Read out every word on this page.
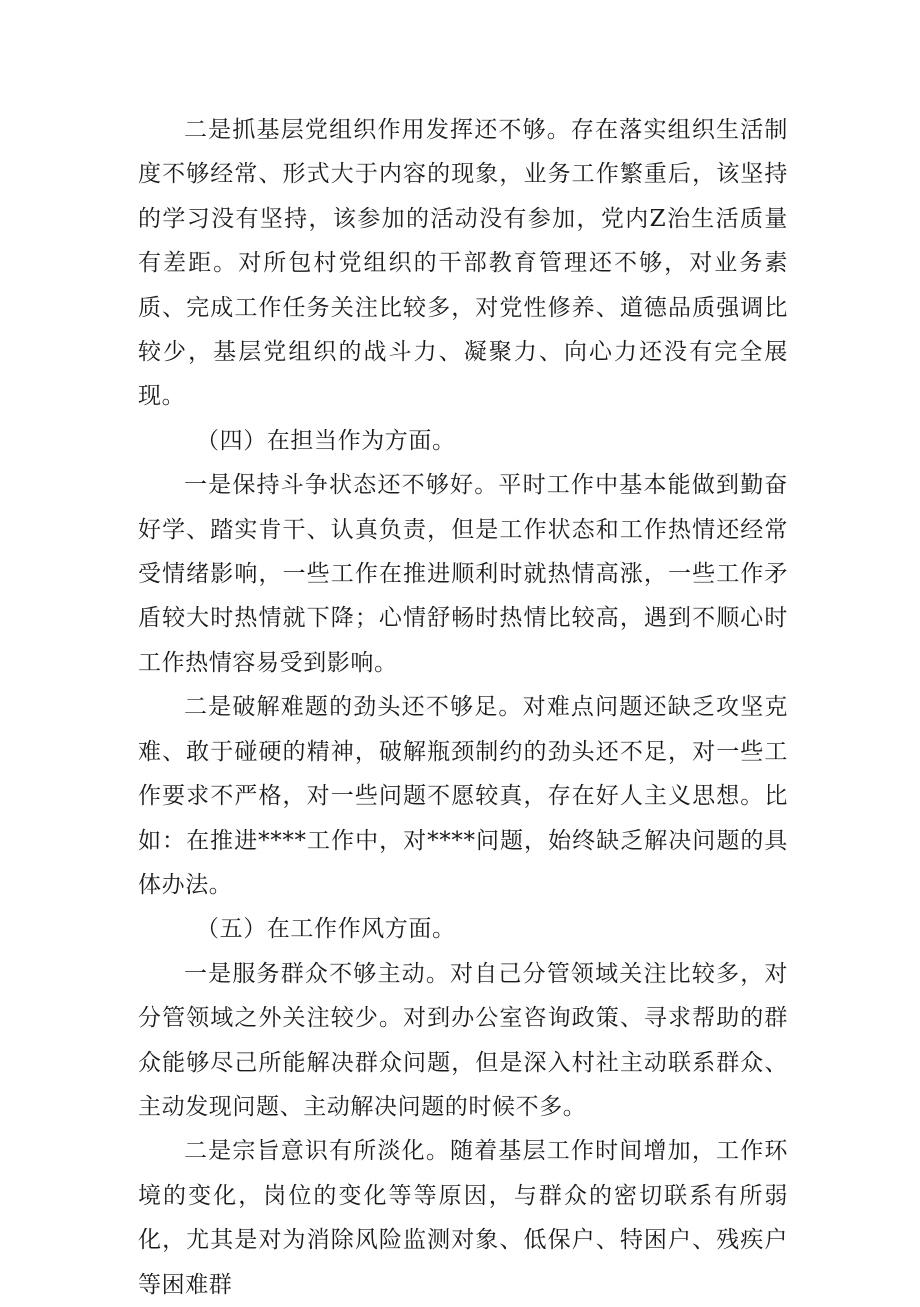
二是抓基层党组织作用发挥还不够。存在落实组织生活制度不够经常、形式大于内容的现象，业务工作繁重后，该坚持的学习没有坚持，该参加的活动没有参加，党内Z治生活质量有差距。对所包村党组织的干部教育管理还不够，对业务素质、完成工作任务关注比较多，对党性修养、道德品质强调比较少，基层党组织的战斗力、凝聚力、向心力还没有完全展现。

（四）在担当作为方面。

一是保持斗争状态还不够好。平时工作中基本能做到勤奋好学、踏实肯干、认真负责，但是工作状态和工作热情还经常受情绪影响，一些工作在推进顺利时就热情高涨，一些工作矛盾较大时热情就下降；心情舒畅时热情比较高，遇到不顺心时工作热情容易受到影响。

二是破解难题的劲头还不够足。对难点问题还缺乏攻坚克难、敢于碰硬的精神，破解瓶颈制约的劲头还不足，对一些工作要求不严格，对一些问题不愿较真，存在好人主义思想。比如：在推进****工作中，对****问题，始终缺乏解决问题的具体办法。

（五）在工作作风方面。

一是服务群众不够主动。对自己分管领域关注比较多，对分管领域之外关注较少。对到办公室咨询政策、寻求帮助的群众能够尽己所能解决群众问题，但是深入村社主动联系群众、主动发现问题、主动解决问题的时候不多。

二是宗旨意识有所淡化。随着基层工作时间增加，工作环境的变化，岗位的变化等等原因，与群众的密切联系有所弱化，尤其是对为消除风险监测对象、低保户、特困户、残疾户等困难群
